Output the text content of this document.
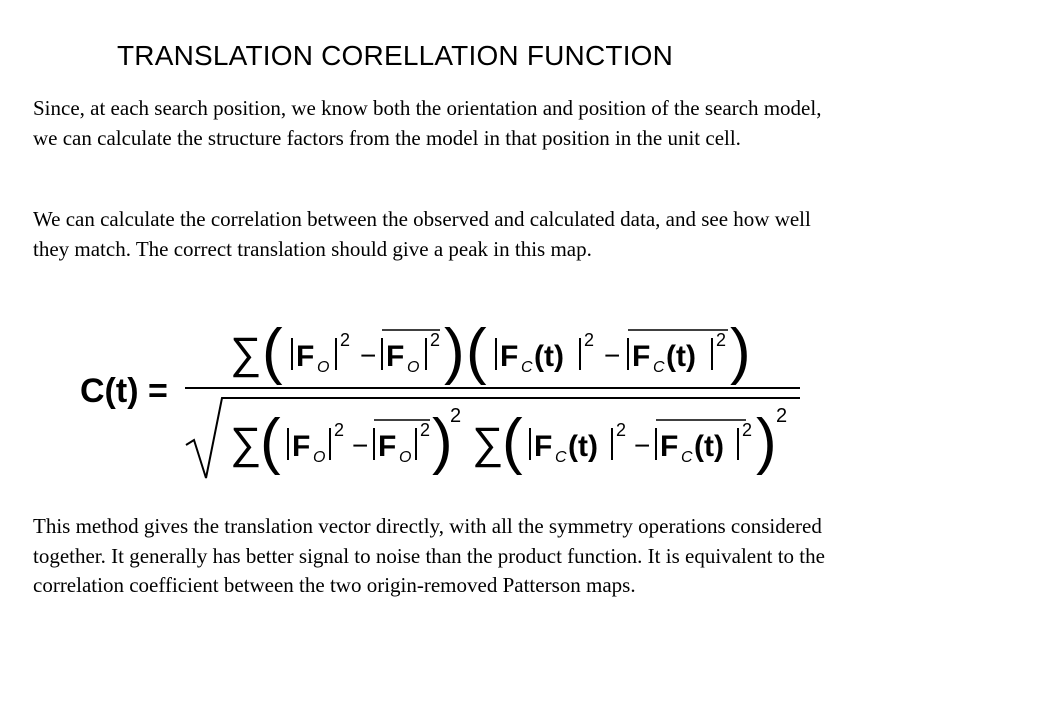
TRANSLATION CORELLATION FUNCTION

Since, at each search position, we know both the orientation and position of the search model, we can calculate the structure factors from the model in that position in the unit cell.

We can calculate the correlation between the observed and calculated data, and see how well they match. The correct translation should give a peak in this map.

C(t) =
∑ ( F O
2 − F O
2 ) ( F C (t) 2 − F C (t) 2 )
∑
( F O
2 − F O
2 )
2
∑
( F C (t) 2 − F C (t) 2 ) 2

This method gives the translation vector directly, with all the symmetry operations considered together. It generally has better signal to noise than the product function. It is equivalent to the correlation coefficient between the two origin-removed Patterson maps.
